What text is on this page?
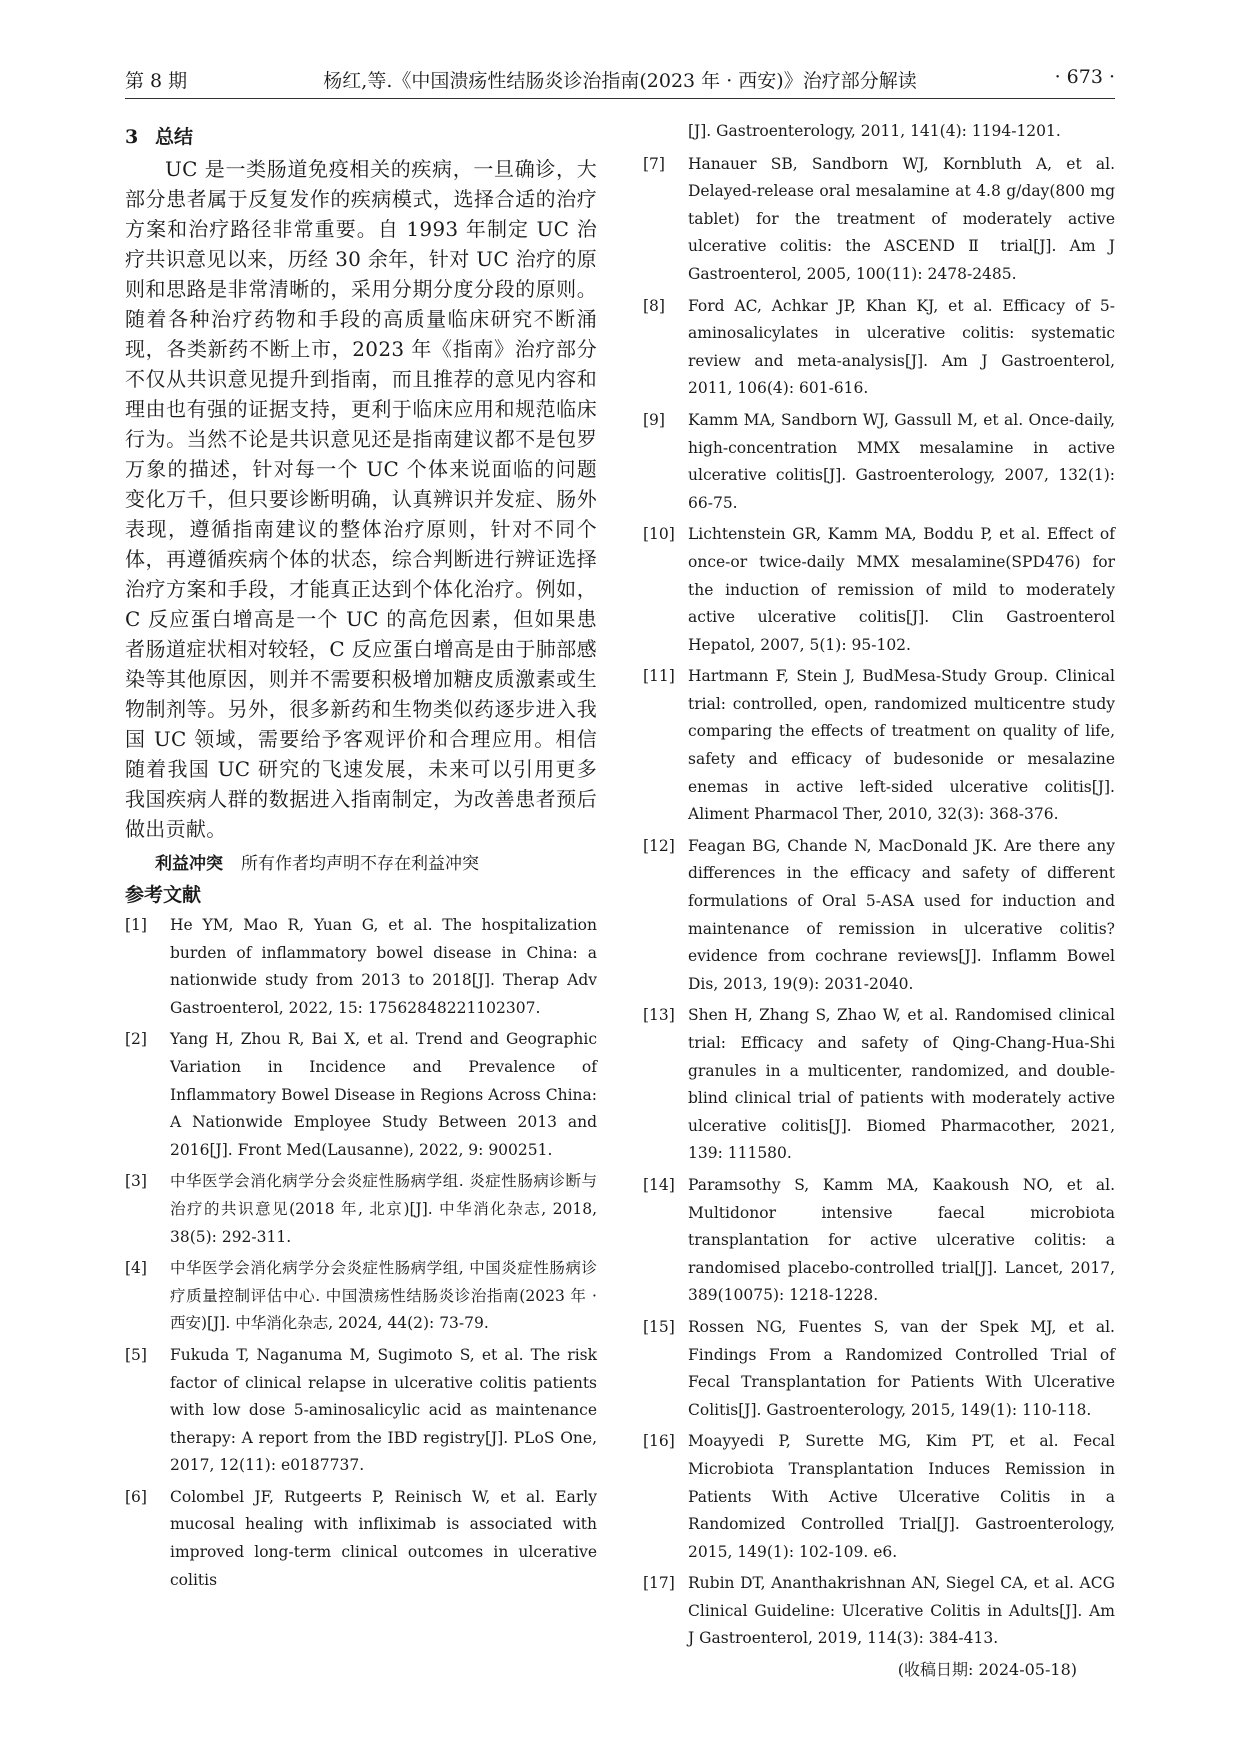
第 8 期	杨红,等.《中国溃疡性结肠炎诊治指南(2023 年 · 西安)》治疗部分解读	· 673 ·
3 总结

UC 是一类肠道免疫相关的疾病，一旦确诊，大部分患者属于反复发作的疾病模式，选择合适的治疗方案和治疗路径非常重要。自 1993 年制定 UC 治疗共识意见以来，历经 30 余年，针对 UC 治疗的原则和思路是非常清晰的，采用分期分度分段的原则。随着各种治疗药物和手段的高质量临床研究不断涌现，各类新药不断上市，2023 年《指南》治疗部分不仅从共识意见提升到指南，而且推荐的意见内容和理由也有强的证据支持，更利于临床应用和规范临床行为。当然不论是共识意见还是指南建议都不是包罗万象的描述，针对每一个 UC 个体来说面临的问题变化万千，但只要诊断明确，认真辨识并发症、肠外表现，遵循指南建议的整体治疗原则，针对不同个体，再遵循疾病个体的状态，综合判断进行辨证选择治疗方案和手段，才能真正达到个体化治疗。例如，C 反应蛋白增高是一个 UC 的高危因素，但如果患者肠道症状相对较轻，C 反应蛋白增高是由于肺部感染等其他原因，则并不需要积极增加糖皮质激素或生物制剂等。另外，很多新药和生物类似药逐步进入我国 UC 领域，需要给予客观评价和合理应用。相信随着我国 UC 研究的飞速发展，未来可以引用更多我国疾病人群的数据进入指南制定，为改善患者预后做出贡献。

利益冲突 所有作者均声明不存在利益冲突

参考文献
[1] He YM, Mao R, Yuan G, et al. The hospitalization burden of inflammatory bowel disease in China: a nationwide study from 2013 to 2018[J]. Therap Adv Gastroenterol, 2022, 15: 17562848221102307.
[2] Yang H, Zhou R, Bai X, et al. Trend and Geographic Variation in Incidence and Prevalence of Inflammatory Bowel Disease in Regions Across China: A Nationwide Employee Study Between 2013 and 2016[J]. Front Med(Lausanne), 2022, 9: 900251.
[3] 中华医学会消化病学分会炎症性肠病学组. 炎症性肠病诊断与治疗的共识意见(2018 年, 北京)[J]. 中华消化杂志, 2018, 38(5): 292-311.
[4] 中华医学会消化病学分会炎症性肠病学组, 中国炎症性肠病诊疗质量控制评估中心. 中国溃疡性结肠炎诊治指南(2023 年 · 西安)[J]. 中华消化杂志, 2024, 44(2): 73-79.
[5] Fukuda T, Naganuma M, Sugimoto S, et al. The risk factor of clinical relapse in ulcerative colitis patients with low dose 5-aminosalicylic acid as maintenance therapy: A report from the IBD registry[J]. PLoS One, 2017, 12(11): e0187737.
[6] Colombel JF, Rutgeerts P, Reinisch W, et al. Early mucosal healing with infliximab is associated with improved long-term clinical outcomes in ulcerative colitis
[J]. Gastroenterology, 2011, 141(4): 1194-1201.
[7] Hanauer SB, Sandborn WJ, Kornbluth A, et al. Delayed-release oral mesalamine at 4.8 g/day(800 mg tablet) for the treatment of moderately active ulcerative colitis: the ASCEND Ⅱ trial[J]. Am J Gastroenterol, 2005, 100(11): 2478-2485.
[8] Ford AC, Achkar JP, Khan KJ, et al. Efficacy of 5-aminosalicylates in ulcerative colitis: systematic review and meta-analysis[J]. Am J Gastroenterol, 2011, 106(4): 601-616.
[9] Kamm MA, Sandborn WJ, Gassull M, et al. Once-daily, high-concentration MMX mesalamine in active ulcerative colitis[J]. Gastroenterology, 2007, 132(1): 66-75.
[10] Lichtenstein GR, Kamm MA, Boddu P, et al. Effect of once-or twice-daily MMX mesalamine(SPD476) for the induction of remission of mild to moderately active ulcerative colitis[J]. Clin Gastroenterol Hepatol, 2007, 5(1): 95-102.
[11] Hartmann F, Stein J, BudMesa-Study Group. Clinical trial: controlled, open, randomized multicentre study comparing the effects of treatment on quality of life, safety and efficacy of budesonide or mesalazine enemas in active left-sided ulcerative colitis[J]. Aliment Pharmacol Ther, 2010, 32(3): 368-376.
[12] Feagan BG, Chande N, MacDonald JK. Are there any differences in the efficacy and safety of different formulations of Oral 5-ASA used for induction and maintenance of remission in ulcerative colitis? evidence from cochrane reviews[J]. Inflamm Bowel Dis, 2013, 19(9): 2031-2040.
[13] Shen H, Zhang S, Zhao W, et al. Randomised clinical trial: Efficacy and safety of Qing-Chang-Hua-Shi granules in a multicenter, randomized, and double-blind clinical trial of patients with moderately active ulcerative colitis[J]. Biomed Pharmacother, 2021, 139: 111580.
[14] Paramsothy S, Kamm MA, Kaakoush NO, et al. Multidonor intensive faecal microbiota transplantation for active ulcerative colitis: a randomised placebo-controlled trial[J]. Lancet, 2017, 389(10075): 1218-1228.
[15] Rossen NG, Fuentes S, van der Spek MJ, et al. Findings From a Randomized Controlled Trial of Fecal Transplantation for Patients With Ulcerative Colitis[J]. Gastroenterology, 2015, 149(1): 110-118.
[16] Moayyedi P, Surette MG, Kim PT, et al. Fecal Microbiota Transplantation Induces Remission in Patients With Active Ulcerative Colitis in a Randomized Controlled Trial[J]. Gastroenterology, 2015, 149(1): 102-109. e6.
[17] Rubin DT, Ananthakrishnan AN, Siegel CA, et al. ACG Clinical Guideline: Ulcerative Colitis in Adults[J]. Am J Gastroenterol, 2019, 114(3): 384-413.
(收稿日期: 2024-05-18)
